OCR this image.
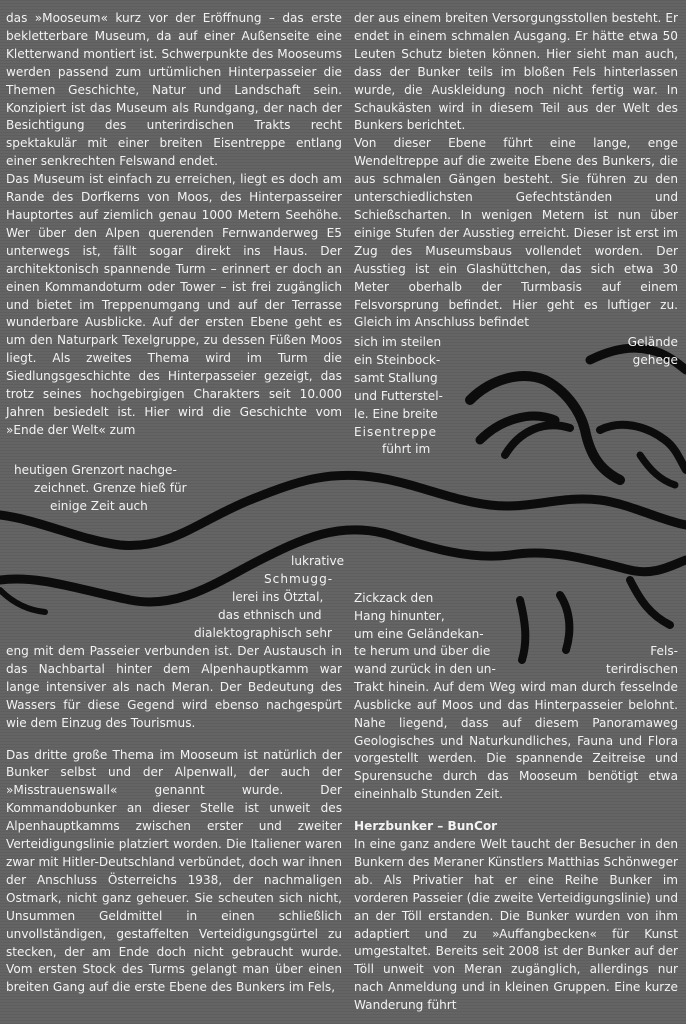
das »Mooseum« kurz vor der Eröffnung – das erste bekletterbare Museum, da auf einer Außenseite eine Kletterwand montiert ist. Schwerpunkte des Mooseums werden passend zum urtümlichen Hinterpasseier die Themen Geschichte, Natur und Landschaft sein. Konzipiert ist das Museum als Rundgang, der nach der Besichtigung des unterirdischen Trakts recht spektakulär mit einer breiten Eisentreppe entlang einer senkrechten Felswand endet.

Das Museum ist einfach zu erreichen, liegt es doch am Rande des Dorfkerns von Moos, des Hinterpasseirer Hauptortes auf ziemlich genau 1000 Metern Seehöhe. Wer über den Alpen querenden Fernwanderweg E5 unterwegs ist, fällt sogar direkt ins Haus. Der architektonisch spannende Turm – erinnert er doch an einen Kommandoturm oder Tower – ist frei zugänglich und bietet im Treppenumgang und auf der Terrasse wunderbare Ausblicke. Auf der ersten Ebene geht es um den Naturpark Texelgruppe, zu dessen Füßen Moos liegt. Als zweites Thema wird im Turm die Siedlungsgeschichte des Hinterpasseier gezeigt, das trotz seines hochgebirgigen Charakters seit 10.000 Jahren besiedelt ist. Hier wird die Geschichte vom »Ende der Welt« zum

heutigen Grenzort nachge-
zeichnet. Grenze hieß für
einige Zeit auch
lukrative
Schmugg-
lerei ins Ötztal,
das ethnisch und
dialektographisch sehr

eng mit dem Passeier verbunden ist. Der Austausch in das Nachbartal hinter dem Alpenhauptkamm war lange intensiver als nach Meran. Der Bedeutung des Wassers für diese Gegend wird ebenso nachgespürt wie dem Einzug des Tourismus.

Das dritte große Thema im Mooseum ist natürlich der Bunker selbst und der Alpenwall, der auch der »Misstrauenswall« genannt wurde. Der Kommandobunker an dieser Stelle ist unweit des Alpenhauptkamms zwischen erster und zweiter Verteidigungslinie platziert worden. Die Italiener waren zwar mit Hitler-Deutschland verbündet, doch war ihnen der Anschluss Österreichs 1938, der nachmaligen Ostmark, nicht ganz geheuer. Sie scheuten sich nicht, Unsummen Geldmittel in einen schließlich unvollständigen, gestaffelten Verteidigungsgürtel zu stecken, der am Ende doch nicht gebraucht wurde. Vom ersten Stock des Turms gelangt man über einen breiten Gang auf die erste Ebene des Bunkers im Fels,

der aus einem breiten Versorgungsstollen besteht. Er endet in einem schmalen Ausgang. Er hätte etwa 50 Leuten Schutz bieten können. Hier sieht man auch, dass der Bunker teils im bloßen Fels hinterlassen wurde, die Auskleidung noch nicht fertig war. In Schaukästen wird in diesem Teil aus der Welt des Bunkers berichtet.

Von dieser Ebene führt eine lange, enge Wendeltreppe auf die zweite Ebene des Bunkers, die aus schmalen Gängen besteht. Sie führen zu den unterschiedlichsten Gefechtständen und Schießscharten. In wenigen Metern ist nun über einige Stufen der Ausstieg erreicht. Dieser ist erst im Zug des Museumsbaus vollendet worden. Der Ausstieg ist ein Glashüttchen, das sich etwa 30 Meter oberhalb der Turmbasis auf einem Felsvorsprung befindet. Hier geht es luftiger zu. Gleich im Anschluss befindet

sich im steilen	Gelände
ein Steinbock-	gehege
samt Stallung
und Futterstel-
le. Eine breite
Eisentreppe
führt im
Zickzack den
Hang hinunter,
um eine Geländekan-
te herum und über die	Fels-
wand zurück in den un-	terirdischen

Trakt hinein. Auf dem Weg wird man durch fesselnde Ausblicke auf Moos und das Hinterpasseier belohnt. Nahe liegend, dass auf diesem Panoramaweg Geologisches und Naturkundliches, Fauna und Flora vorgestellt werden. Die spannende Zeitreise und Spurensuche durch das Mooseum benötigt etwa eineinhalb Stunden Zeit.

Herzbunker – BunCor

In eine ganz andere Welt taucht der Besucher in den Bunkern des Meraner Künstlers Matthias Schönweger ab. Als Privatier hat er eine Reihe Bunker im vorderen Passeier (die zweite Verteidigungslinie) und an der Töll erstanden. Die Bunker wurden von ihm adaptiert und zu »Auffangbecken« für Kunst umgestaltet. Bereits seit 2008 ist der Bunker auf der Töll unweit von Meran zugänglich, allerdings nur nach Anmeldung und in kleinen Gruppen. Eine kurze Wanderung führt
